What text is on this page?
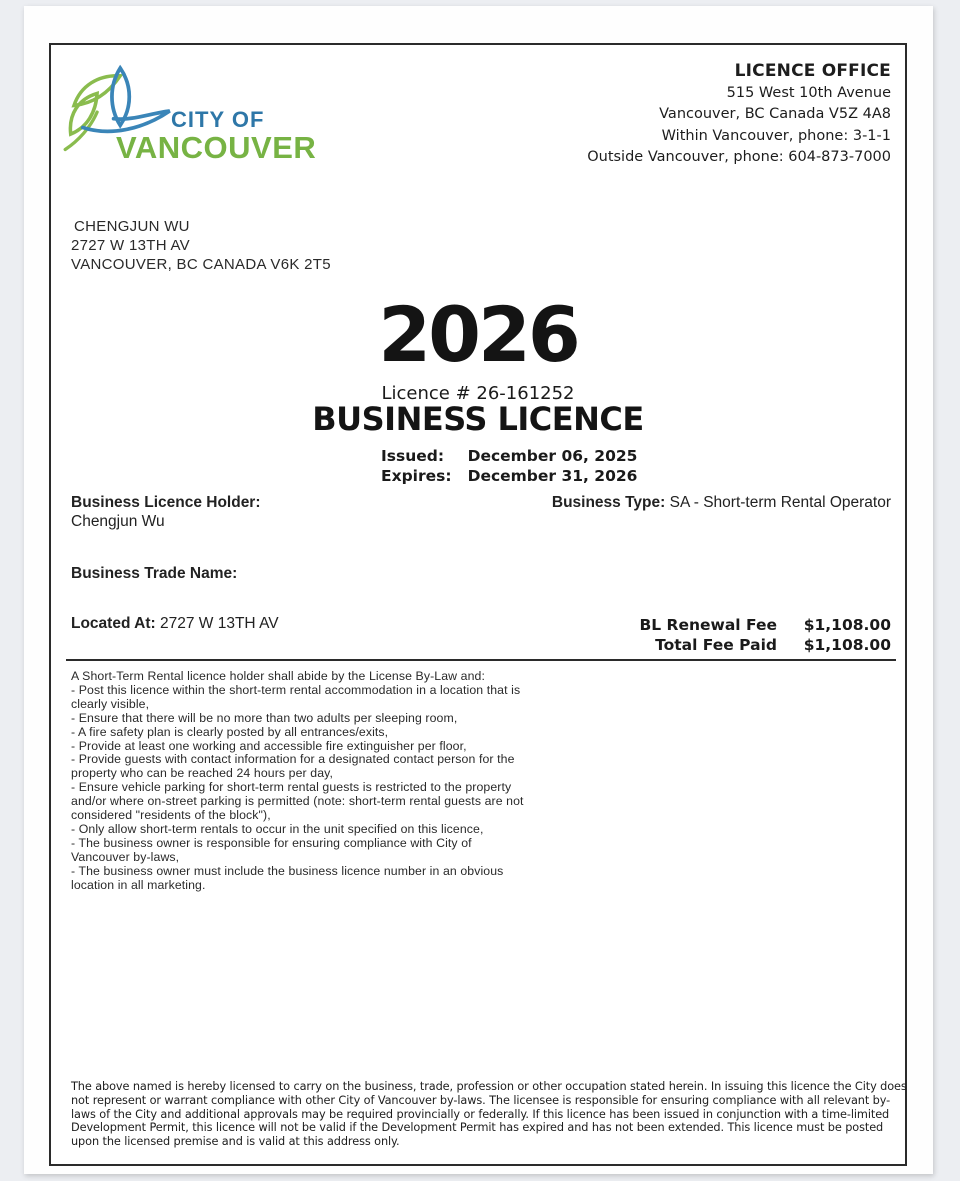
CITY OF
VANCOUVER
LICENCE OFFICE
515 West 10th Avenue
Vancouver, BC Canada V5Z 4A8
Within Vancouver, phone: 3-1-1
Outside Vancouver, phone: 604-873-7000
CHENGJUN WU
2727 W 13TH AV
VANCOUVER, BC CANADA V6K 2T5
2026
Licence # 26-161252
BUSINESS LICENCE
Issued:	December 06, 2025
Expires: December 31, 2026
Business Licence Holder:
Chengjun Wu
Business Type: SA - Short-term Rental Operator
Business Trade Name:
Located At: 2727 W 13TH AV	BL Renewal Fee	$1,108.00
Total Fee Paid	$1,108.00
A Short-Term Rental licence holder shall abide by the License By-Law and:
- Post this licence within the short-term rental accommodation in a location that is clearly visible,
- Ensure that there will be no more than two adults per sleeping room,
- A fire safety plan is clearly posted by all entrances/exits,
- Provide at least one working and accessible fire extinguisher per floor,
- Provide guests with contact information for a designated contact person for the property who can be reached 24 hours per day,
- Ensure vehicle parking for short-term rental guests is restricted to the property and/or where on-street parking is permitted (note: short-term rental guests are not considered "residents of the block"),
- Only allow short-term rentals to occur in the unit specified on this licence,
- The business owner is responsible for ensuring compliance with City of Vancouver by-laws,
- The business owner must include the business licence number in an obvious location in all marketing.
The above named is hereby licensed to carry on the business, trade, profession or other occupation stated herein. In issuing this licence the City does not represent or warrant compliance with other City of Vancouver by-laws. The licensee is responsible for ensuring compliance with all relevant by-laws of the City and additional approvals may be required provincially or federally. If this licence has been issued in conjunction with a time-limited Development Permit, this licence will not be valid if the Development Permit has expired and has not been extended. This licence must be posted upon the licensed premise and is valid at this address only.
